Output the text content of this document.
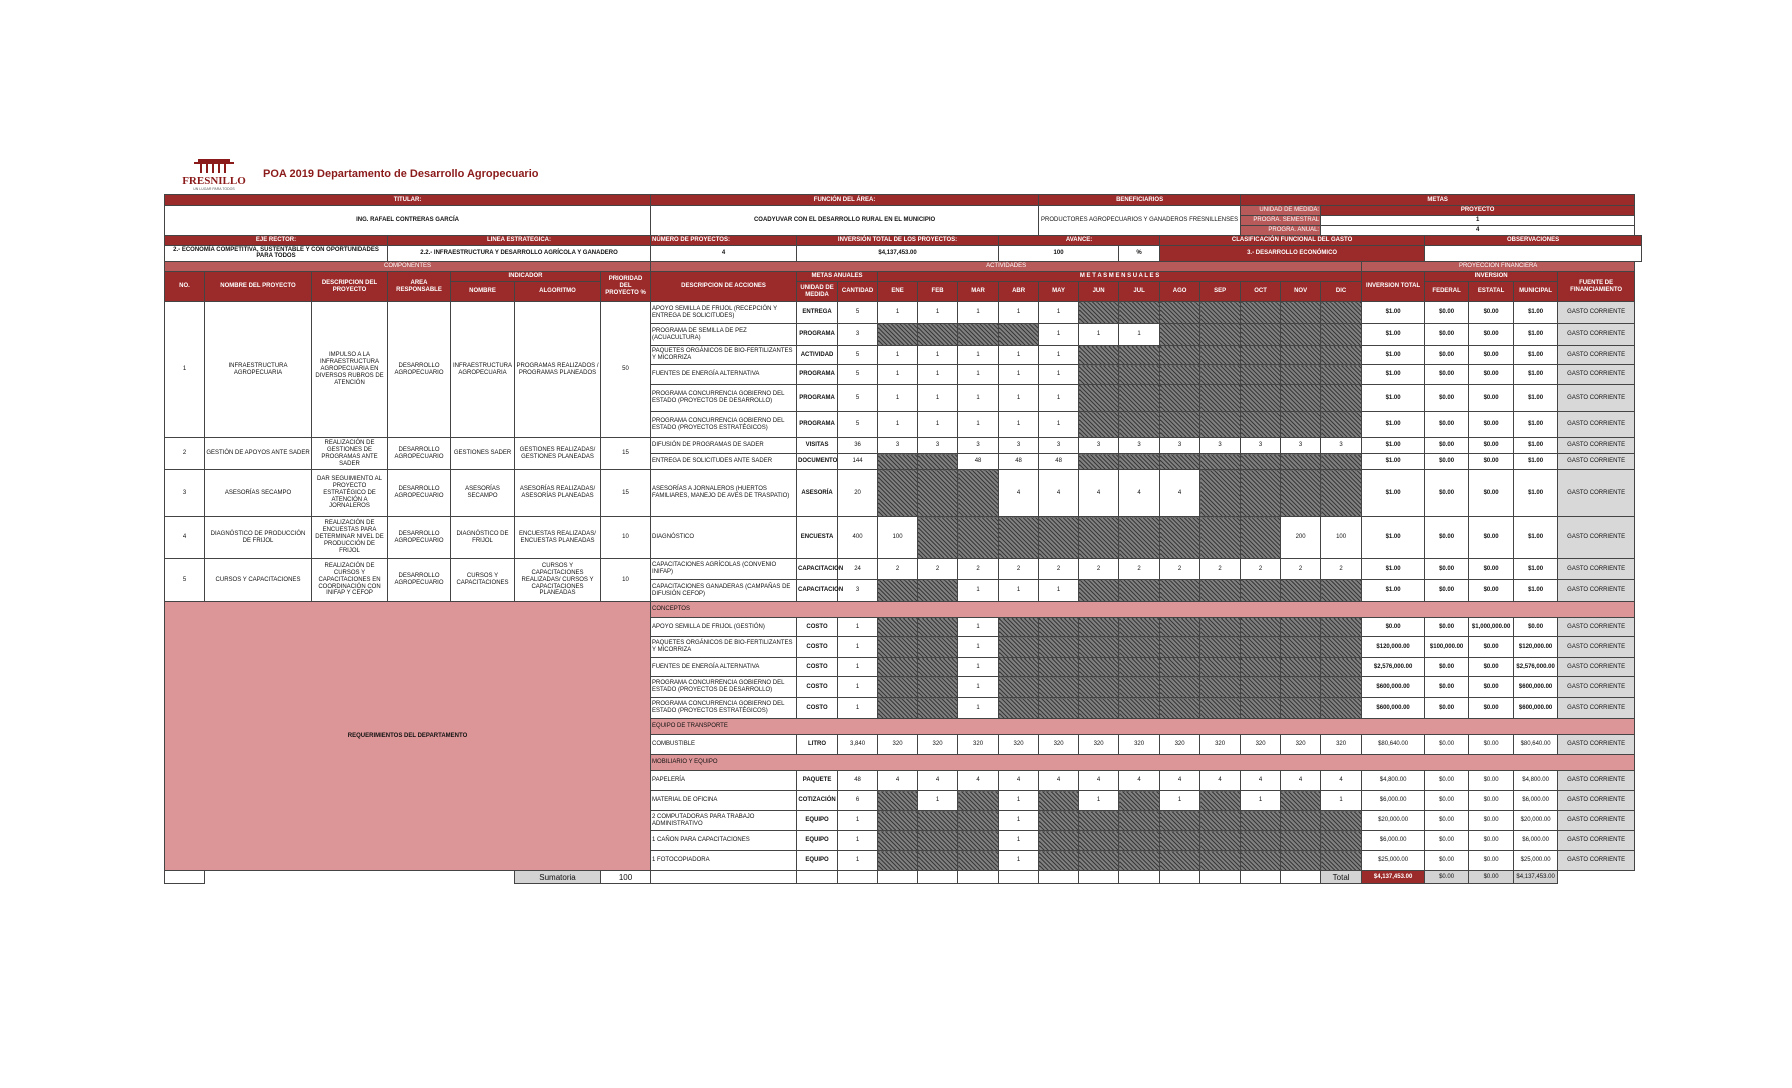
FRESNILLO
UN LUGAR PARA TODOS
POA 2019 Departamento de Desarrollo Agropecuario
TITULAR:							FUNCIÓN DEL ÁREA:							BENEFICIARIOS					METAS							
ING. RAFAEL CONTRERAS GARCÍA							COADYUVAR CON EL DESARROLLO RURAL EN EL MUNICIPIO							PRODUCTORES AGROPECUARIOS Y GANADEROS FRESNILLENSES					UNIDAD DE MEDIDA:		PROYECTO					
																			PROGRA. SEMESTRAL		1					
																			PROGRA. ANUAL:		4					
EJE RECTOR:			LINEA ESTRATEGICA:				NÚMERO DE PROYECTOS:	INVERSIÓN TOTAL DE LOS PROYECTOS:					AVANCE:				CLASIFICACIÓN FUNCIONAL DEL GASTO						OBSERVACIONES			
2.- ECONOMÍA COMPETITIVA, SUSTENTABLE Y CON OPORTUNIDADES PARA TODOS			2.2.- INFRAESTRUCTURA Y DESARROLLO AGRÍCOLA Y GANADERO				4	$4,137,453.00					100			%	3.- DESARROLLO ECONÓMICO									
COMPONENTES							ACTIVIDADES															PROYECCION FINANCIERA				
NO.	NOMBRE DEL PROYECTO	DESCRIPCION DEL PROYECTO	AREA RESPONSABLE	INDICADOR		PRIORIDAD DEL PROYECTO %	DESCRIPCION DE ACCIONES	METAS ANUALES		M E T A S M E N S U A L E S												INVERSION TOTAL	INVERSION			FUENTE DE FINANCIAMIENTO
				NOMBRE	ALGORITMO			UNIDAD DE MEDIDA	CANTIDAD	ENE	FEB	MAR	ABR	MAY	JUN	JUL	AGO	SEP	OCT	NOV	DIC		FEDERAL	ESTATAL	MUNICIPAL	
1	INFRAESTRUCTURA AGROPECUARIA	IMPULSO A LA INFRAESTRUCTURA AGROPECUARIA EN DIVERSOS RUBROS DE ATENCIÓN	DESARROLLO AGROPECUARIO	INFRAESTRUCTURA AGROPECUARIA	PROGRAMAS REALIZADOS / PROGRAMAS PLANEADOS	50	APOYO SEMILLA DE FRIJOL (RECEPCIÓN Y ENTREGA DE SOLICITUDES)	ENTREGA	5	1	1	1	1	1								$1.00	$0.00	$0.00	$1.00	GASTO CORRIENTE
							PROGRAMA DE SEMILLA DE PEZ (ACUACULTURA)	PROGRAMA	3					1	1	1						$1.00	$0.00	$0.00	$1.00	GASTO CORRIENTE
							PAQUETES ORGÁNICOS DE BIO-FERTILIZANTES Y MICORRIZA	ACTIVIDAD	5	1	1	1	1	1								$1.00	$0.00	$0.00	$1.00	GASTO CORRIENTE
							FUENTES DE ENERGÍA ALTERNATIVA	PROGRAMA	5	1	1	1	1	1								$1.00	$0.00	$0.00	$1.00	GASTO CORRIENTE
							PROGRAMA CONCURRENCIA GOBIERNO DEL ESTADO (PROYECTOS DE DESARROLLO)	PROGRAMA	5	1	1	1	1	1								$1.00	$0.00	$0.00	$1.00	GASTO CORRIENTE
							PROGRAMA CONCURRENCIA GOBIERNO DEL ESTADO (PROYECTOS ESTRATÉGICOS)	PROGRAMA	5	1	1	1	1	1								$1.00	$0.00	$0.00	$1.00	GASTO CORRIENTE
2	GESTIÓN DE APOYOS ANTE SADER	REALIZACIÓN DE GESTIONES DE PROGRAMAS ANTE SADER	DESARROLLO AGROPECUARIO	GESTIONES SADER	GESTIONES REALIZADAS/ GESTIONES PLANEADAS	15	DIFUSIÓN DE PROGRAMAS DE SADER	VISITAS	36	3	3	3	3	3	3	3	3	3	3	3	3	$1.00	$0.00	$0.00	$1.00	GASTO CORRIENTE
							ENTREGA DE SOLICITUDES ANTE SADER	DOCUMENTO	144			48	48	48								$1.00	$0.00	$0.00	$1.00	GASTO CORRIENTE
3	ASESORÍAS SECAMPO	DAR SEGUIMIENTO AL PROYECTO ESTRATÉGICO DE ATENCIÓN A JORNALEROS	DESARROLLO AGROPECUARIO	ASESORÍAS SECAMPO	ASESORÍAS REALIZADAS/ ASESORÍAS PLANEADAS	15	ASESORÍAS A JORNALEROS (HUERTOS FAMILIARES, MANEJO DE AVES DE TRASPATIO)	ASESORÍA	20				4	4	4	4	4					$1.00	$0.00	$0.00	$1.00	GASTO CORRIENTE
4	DIAGNÓSTICO DE PRODUCCIÓN DE FRIJOL	REALIZACIÓN DE ENCUESTAS PARA DETERMINAR NIVEL DE PRODUCCIÓN DE FRIJOL	DESARROLLO AGROPECUARIO	DIAGNÓSTICO DE FRIJOL	ENCUESTAS REALIZADAS/ ENCUESTAS PLANEADAS	10	DIAGNÓSTICO	ENCUESTA	400	100										200	100	$1.00	$0.00	$0.00	$1.00	GASTO CORRIENTE
5	CURSOS Y CAPACITACIONES	REALIZACIÓN DE CURSOS Y CAPACITACIONES EN COORDINACIÓN CON INIFAP Y CEFOP	DESARROLLO AGROPECUARIO	CURSOS Y CAPACITACIONES	CURSOS Y CAPACITACIONES REALIZADAS/ CURSOS Y CAPACITACIONES PLANEADAS	10	CAPACITACIONES AGRÍCOLAS (CONVENIO INIFAP)	CAPACITACION	24	2	2	2	2	2	2	2	2	2	2	2	2	$1.00	$0.00	$0.00	$1.00	GASTO CORRIENTE
							CAPACITACIONES GANADERAS (CAMPAÑAS DE DIFUSIÓN CEFOP)	CAPACITACION	3			1	1	1								$1.00	$0.00	$0.00	$1.00	GASTO CORRIENTE
REQUERIMIENTOS DEL DEPARTAMENTO							CONCEPTOS																			
							APOYO SEMILLA DE FRIJOL (GESTIÓN)	COSTO	1			1										$0.00	$0.00	$1,000,000.00	$0.00	GASTO CORRIENTE
							PAQUETES ORGÁNICOS DE BIO-FERTILIZANTES Y MICORRIZA	COSTO	1			1										$120,000.00	$100,000.00	$0.00	$120,000.00	GASTO CORRIENTE
							FUENTES DE ENERGÍA ALTERNATIVA	COSTO	1			1										$2,576,000.00	$0.00	$0.00	$2,576,000.00	GASTO CORRIENTE
							PROGRAMA CONCURRENCIA GOBIERNO DEL ESTADO (PROYECTOS DE DESARROLLO)	COSTO	1			1										$600,000.00	$0.00	$0.00	$600,000.00	GASTO CORRIENTE
							PROGRAMA CONCURRENCIA GOBIERNO DEL ESTADO (PROYECTOS ESTRATÉGICOS)	COSTO	1			1										$600,000.00	$0.00	$0.00	$600,000.00	GASTO CORRIENTE
							EQUIPO DE TRANSPORTE																			
							COMBUSTIBLE	LITRO	3,840	320	320	320	320	320	320	320	320	320	320	320	320	$80,640.00	$0.00	$0.00	$80,640.00	GASTO CORRIENTE
							MOBILIARIO Y EQUIPO																			
							PAPELERÍA	PAQUETE	48	4	4	4	4	4	4	4	4	4	4	4	4	$4,800.00	$0.00	$0.00	$4,800.00	GASTO CORRIENTE
							MATERIAL DE OFICINA	COTIZACIÓN	6		1		1		1		1		1		1	$6,000.00	$0.00	$0.00	$6,000.00	GASTO CORRIENTE
							2 COMPUTADORAS PARA TRABAJO ADMINISTRATIVO	EQUIPO	1				1									$20,000.00	$0.00	$0.00	$20,000.00	GASTO CORRIENTE
							1 CAÑON PARA CAPACITACIONES	EQUIPO	1				1									$6,000.00	$0.00	$0.00	$6,000.00	GASTO CORRIENTE
							1 FOTOCOPIADORA	EQUIPO	1				1									$25,000.00	$0.00	$0.00	$25,000.00	GASTO CORRIENTE
					Sumatoria	100															Total	$4,137,453.00	$0.00	$0.00	$4,137,453.00	
